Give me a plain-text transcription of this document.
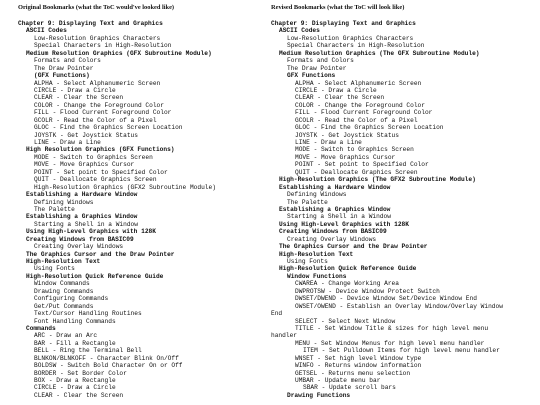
Original Bookmarks (what the ToC would've looked like)
Chapter 9: Displaying Text and Graphics
ASCII Codes
Low-Resolution Graphics Characters
Special Characters in High-Resolution
Medium Resolution Graphics (GFX Subroutine Module)
Formats and Colors
The Draw Pointer
(GFX Functions)
ALPHA - Select Alphanumeric Screen
CIRCLE - Draw a Circle
CLEAR - Clear the Screen
COLOR - Change the Foreground Color
FILL - Flood Current Foreground Color
GCOLR - Read the Color of a Pixel
GLOC - Find the Graphics Screen Location
JOYSTK - Get Joystick Status
LINE - Draw a Line
High Resolution Graphics (GFX Functions)
MODE - Switch to Graphics Screen
MOVE - Move Graphics Cursor
POINT - Set point to Specified Color
QUIT - Deallocate Graphics Screen
High-Resolution Graphics (GFX2 Subroutine Module)
Establishing a Hardware Window
Defining Windows
The Palette
Establishing a Graphics Window
Starting a Shell in a Window
Using High-Level Graphics with 128K
Creating Windows from BASIC09
Creating Overlay Windows
The Graphics Cursor and the Draw Pointer
High-Resolution Text
Using Fonts
High-Resolution Quick Reference Guide
Window Commands
Drawing Commands
Configuring Commands
Get/Put Commands
Text/Cursor Handling Routines
Font Handling Commands
Commands
ARC - Draw an Arc
BAR - Fill a Rectangle
BELL - Ring the Terminal Bell
BLNKON/BLNKOFF - Character Blink On/Off
BOLDSW - Switch Bold Character On or Off
BORDER - Set Border Color
BOX - Draw a Rectangle
CIRCLE - Draw a Circle
CLEAR - Clear the Screen
Revised Bookmarks (what the ToC will look like)
Chapter 9: Displaying Text and Graphics
ASCII Codes
Low-Resolution Graphics Characters
Special Characters in High-Resolution
Medium Resolution Graphics (The GFX Subroutine Module)
Formats and Colors
The Draw Pointer
GFX Functions
ALPHA - Select Alphanumeric Screen
CIRCLE - Draw a Circle
CLEAR - Clear the Screen
COLOR - Change the Foreground Color
FILL - Flood Current Foreground Color
GCOLR - Read the Color of a Pixel
GLOC - Find the Graphics Screen Location
JOYSTK - Get Joystick Status
LINE - Draw a Line
MODE - Switch to Graphics Screen
MOVE - Move Graphics Cursor
POINT - Set point to Specified Color
QUIT - Deallocate Graphics Screen
High-Resolution Graphics (The GFX2 Subroutine Module)
Establishing a Hardware Window
Defining Windows
The Palette
Establishing a Graphics Window
Starting a Shell in a Window
Using High-Level Graphics with 128K
Creating Windows from BASIC09
Creating Overlay Windows
The Graphics Cursor and the Draw Pointer
High-Resolution Text
Using Fonts
High-Resolution Quick Reference Guide
Window Functions
CWAREA - Change Working Area
DWPROTSW - Device Window Protect Switch
DWSET/DWEND - Device Window Set/Device Window End
OWSET/OWEND - Establish an Overlay Window/Overlay Window
End
SELECT - Select Next Window
TITLE - Set Window Title & sizes for high level menu
handler
MENU - Set Window Menus for high level menu handler
ITEM - Set Pulldown Items for high level menu handler
WNSET - Set high level Window type
WINFO - Returns window information
GETSEL - Returns menu selection
UMBAR - Update menu bar
SBAR - Update scroll bars
Drawing Functions
